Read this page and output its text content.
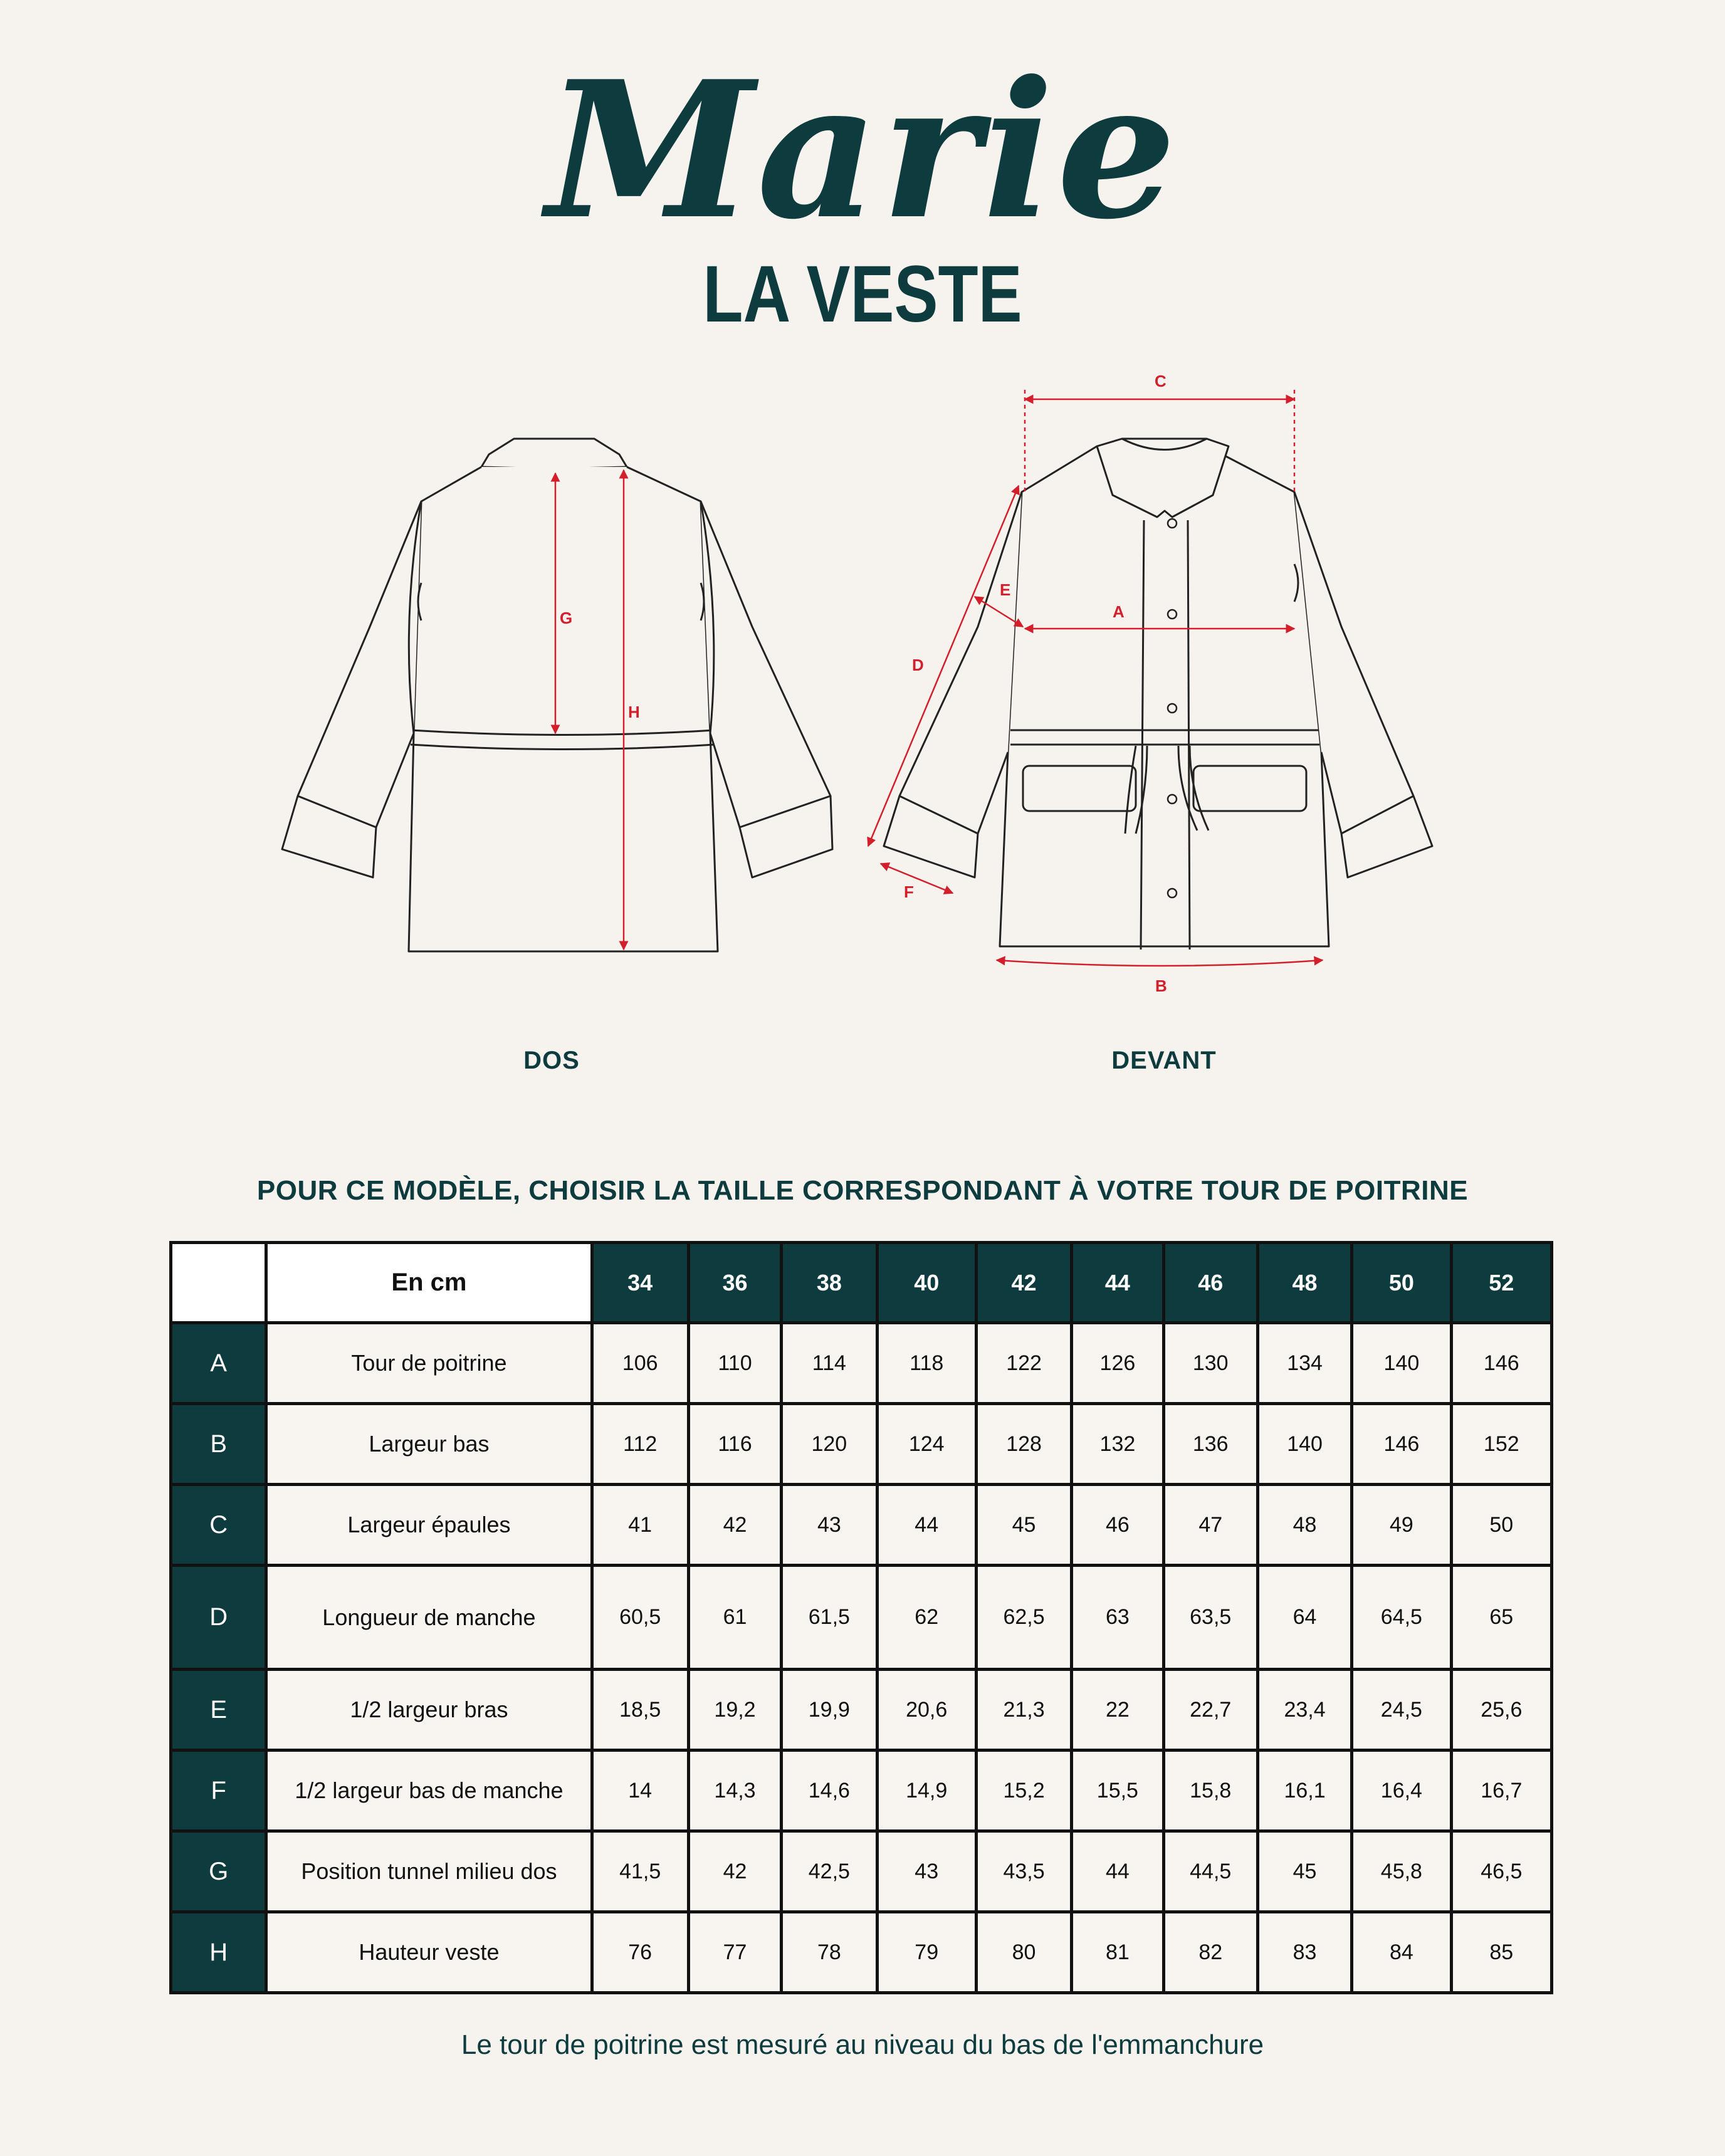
Marie
LA VESTE
G
H
C
A
E
D
F
B
DOS	DEVANT
POUR CE MODÈLE, CHOISIR LA TAILLE CORRESPONDANT À VOTRE TOUR DE POITRINE
	En cm	34	36	38	40	42	44	46	48	50	52
A	Tour de poitrine	106	110	114	118	122	126	130	134	140	146
B	Largeur bas	112	116	120	124	128	132	136	140	146	152
C	Largeur épaules	41	42	43	44	45	46	47	48	49	50
D	Longueur de manche	60,5	61	61,5	62	62,5	63	63,5	64	64,5	65
E	1/2 largeur bras	18,5	19,2	19,9	20,6	21,3	22	22,7	23,4	24,5	25,6
F	1/2 largeur bas de manche	14	14,3	14,6	14,9	15,2	15,5	15,8	16,1	16,4	16,7
G	Position tunnel milieu dos	41,5	42	42,5	43	43,5	44	44,5	45	45,8	46,5
H	Hauteur veste	76	77	78	79	80	81	82	83	84	85
Le tour de poitrine est mesuré au niveau du bas de l'emmanchure
